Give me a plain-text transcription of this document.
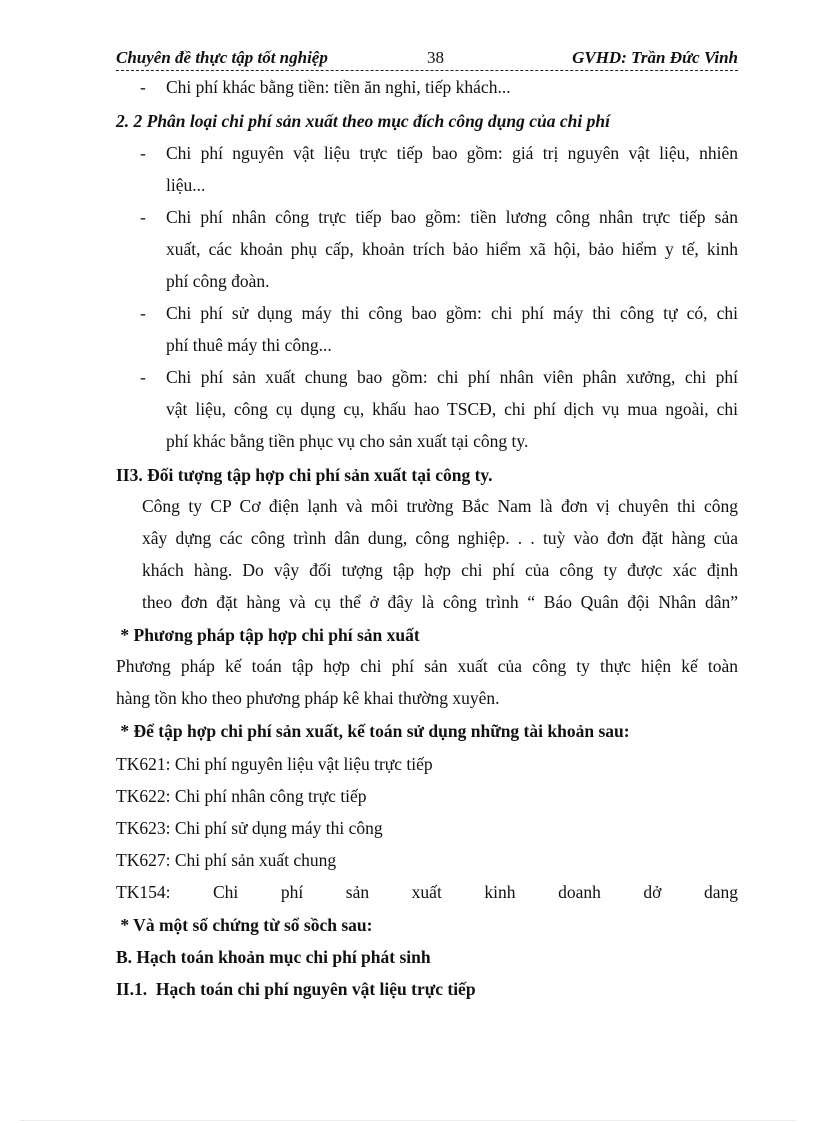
Chuyên đề thực tập tốt nghiệp	38	GVHD: Trần Đức Vinh
- Chi phí khác bằng tiền: tiền ăn nghỉ, tiếp khách...
2. 2 Phân loại chi phí sản xuất theo mục đích công dụng của chi phí
- Chi phí nguyên vật liệu trực tiếp bao gồm: giá trị nguyên vật liệu, nhiên
liệu...
- Chi phí nhân công trực tiếp bao gồm: tiền lương công nhân trực tiếp sản
xuất, các khoản phụ cấp, khoản trích bảo hiểm xã hội, bảo hiểm y tế, kinh
phí công đoàn.
- Chi phí sử dụng máy thi công bao gồm: chi phí máy thi công tự có, chi
phí thuê máy thi công...
- Chi phí sản xuất chung bao gồm: chi phí nhân viên phân xưởng, chi phí
vật liệu, công cụ dụng cụ, khấu hao TSCĐ, chi phí dịch vụ mua ngoài, chi
phí khác bằng tiền phục vụ cho sản xuất tại công ty.
II3. Đối tượng tập hợp chi phí sản xuất tại công ty.
Công ty CP Cơ điện lạnh và môi trường Bắc Nam là đơn vị chuyên thi công
xây dựng các công trình dân dung, công nghiệp. . . tuỳ vào đơn đặt hàng của
khách hàng. Do vậy đối tượng tập hợp chi phí của công ty được xác định
theo đơn đặt hàng và cụ thể ở đây là công trình “ Báo Quân đội Nhân dân”
* Phương pháp tập hợp chi phí sản xuất
Phương pháp kế toán tập hợp chi phí sản xuất của công ty thực hiện kế toàn
hàng tồn kho theo phương pháp kê khai thường xuyên.
* Để tập hợp chi phí sản xuất, kế toán sử dụng những tài khoản sau:
TK621: Chi phí nguyên liệu vật liệu trực tiếp
TK622: Chi phí nhân công trực tiếp
TK623: Chi phí sử dụng máy thi công
TK627: Chi phí sản xuất chung
TK154: Chi phí sản xuất kinh doanh dở dang
* Và một số chứng từ sổ sồch sau:
B. Hạch toán khoản mục chi phí phát sinh
II.1.  Hạch toán chi phí nguyên vật liệu trực tiếp
